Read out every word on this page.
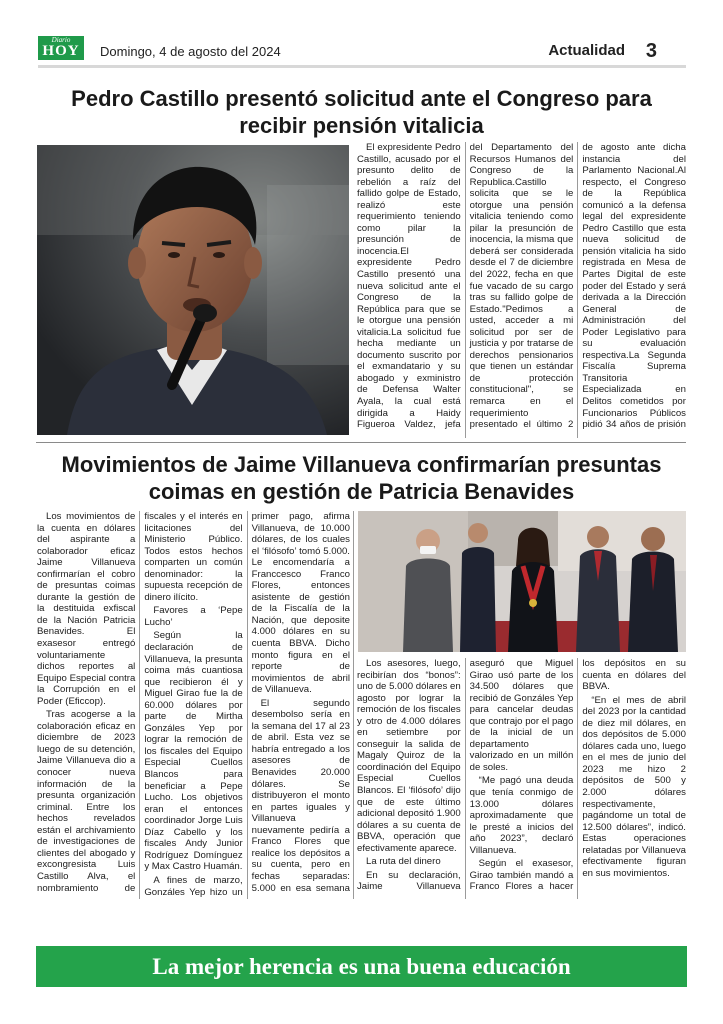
Diario
HOY	Domingo, 4 de agosto del 2024	Actualidad 3
Pedro Castillo presentó solicitud ante el Congreso para recibir pensión vitalicia

El expresidente Pedro Castillo, acusado por el presunto delito de rebelión a raíz del fallido golpe de Estado, realizó este requerimiento teniendo como pilar la presunción de inocencia.El expresidente Pedro Castillo presentó una nueva solicitud ante el Congreso de la República para que se le otorgue una pensión vitalicia.La solicitud fue hecha mediante un documento suscrito por el exmandatario y su abogado y exministro de Defensa Walter Ayala, la cual está dirigida a Haidy Figueroa Valdez, jefa del Departamento del Recursos Humanos del Congreso de la Republica.Castillo solicita que se le otorgue una pensión vitalicia teniendo como pilar la presunción de inocencia, la misma que deberá ser considerada desde el 7 de diciembre del 2022, fecha en que fue vacado de su cargo tras su fallido golpe de Estado."Pedimos a usted, acceder a mi solicitud por ser de justicia y por tratarse de derechos pensionarios que tienen un estándar de protección constitucional", se remarca en el requerimiento presentado el último 2 de agosto ante dicha instancia del Parlamento Nacional.Al respecto, el Congreso de la República comunicó a la defensa legal del expresidente Pedro Castillo que esta nueva solicitud de pensión vitalicia ha sido registrada en Mesa de Partes Digital de este poder del Estado y será derivada a la Dirección General de Administración del Poder Legislativo para su evaluación respectiva.La Segunda Fiscalía Suprema Transitoria Especializada en Delitos cometidos por Funcionarios Públicos pidió 34 años de prisión

Movimientos de Jaime Villanueva confirmarían presuntas coimas en gestión de Patricia Benavides

Los movimientos de la cuenta en dólares del aspirante a colaborador eficaz Jaime Villanueva confirmarían el cobro de presuntas coimas durante la gestión de la destituida exfiscal de la Nación Patricia Benavides. El exasesor entregó voluntariamente dichos reportes al Equipo Especial contra la Corrupción en el Poder (Eficcop).

Tras acogerse a la colaboración eficaz en diciembre de 2023 luego de su detención, Jaime Villanueva dio a conocer nueva información de la presunta organización criminal. Entre los hechos revelados están el archivamiento de investigaciones de clientes del abogado y excongresista Luis Castillo Alva, el nombramiento de fiscales y el interés en licitaciones del Ministerio Público. Todos estos hechos comparten un común denominador: la supuesta recepción de dinero ilícito.

Favores a ‘Pepe Lucho’

Según la declaración de Villanueva, la presunta coima más cuantiosa que recibieron él y Miguel Girao fue la de 60.000 dólares por parte de Mirtha Gonzáles Yep por lograr la remoción de los fiscales del Equipo Especial Cuellos Blancos para beneficiar a Pepe Lucho. Los objetivos eran el entonces coordinador Jorge Luis Díaz Cabello y los fiscales Andy Junior Rodríguez Domínguez y Max Castro Huamán.

A fines de marzo, Gonzáles Yep hizo un primer pago, afirma Villanueva, de 10.000 dólares, de los cuales el ‘filósofo’ tomó 5.000. Le encomendaría a Franccesco Franco Flores, entonces asistente de gestión de la Fiscalía de la Nación, que deposite 4.000 dólares en su cuenta BBVA. Dicho monto figura en el reporte de movimientos de abril de Villanueva.

El segundo desembolso sería en la semana del 17 al 23 de abril. Esta vez se habría entregado a los asesores de Benavides 20.000 dólares. Se distribuyeron el monto en partes iguales y Villanueva nuevamente pediría a Franco Flores que realice los depósitos a su cuenta, pero en fechas separadas: 5.000 en esa semana

Los asesores, luego, recibirían dos “bonos”: uno de 5.000 dólares en agosto por lograr la remoción de los fiscales y otro de 4.000 dólares en setiembre por conseguir la salida de Magaly Quiroz de la coordinación del Equipo Especial Cuellos Blancos. El ‘filósofo’ dijo que de este último adicional depositó 1.900 dólares a su cuenta de BBVA, operación que efectivamente aparece.

La ruta del dinero

En su declaración, Jaime Villanueva aseguró que Miguel Girao usó parte de los 34.500 dólares que recibió de Gonzáles Yep para cancelar deudas que contrajo por el pago de la inicial de un departamento valorizado en un millón de soles.

“Me pagó una deuda que tenía conmigo de 13.000 dólares aproximadamente que le presté a inicios del año 2023”, declaró Villanueva.

Según el exasesor, Girao también mandó a Franco Flores a hacer los depósitos en su cuenta en dólares del BBVA.

“En el mes de abril del 2023 por la cantidad de diez mil dólares, en dos depósitos de 5.000 dólares cada uno, luego en el mes de junio del 2023 me hizo 2 depósitos de 500 y 2.000 dólares respectivamente, pagándome un total de 12.500 dólares”, indicó. Estas operaciones relatadas por Villanueva efectivamente figuran en sus movimientos.

La mejor herencia es una buena educación
